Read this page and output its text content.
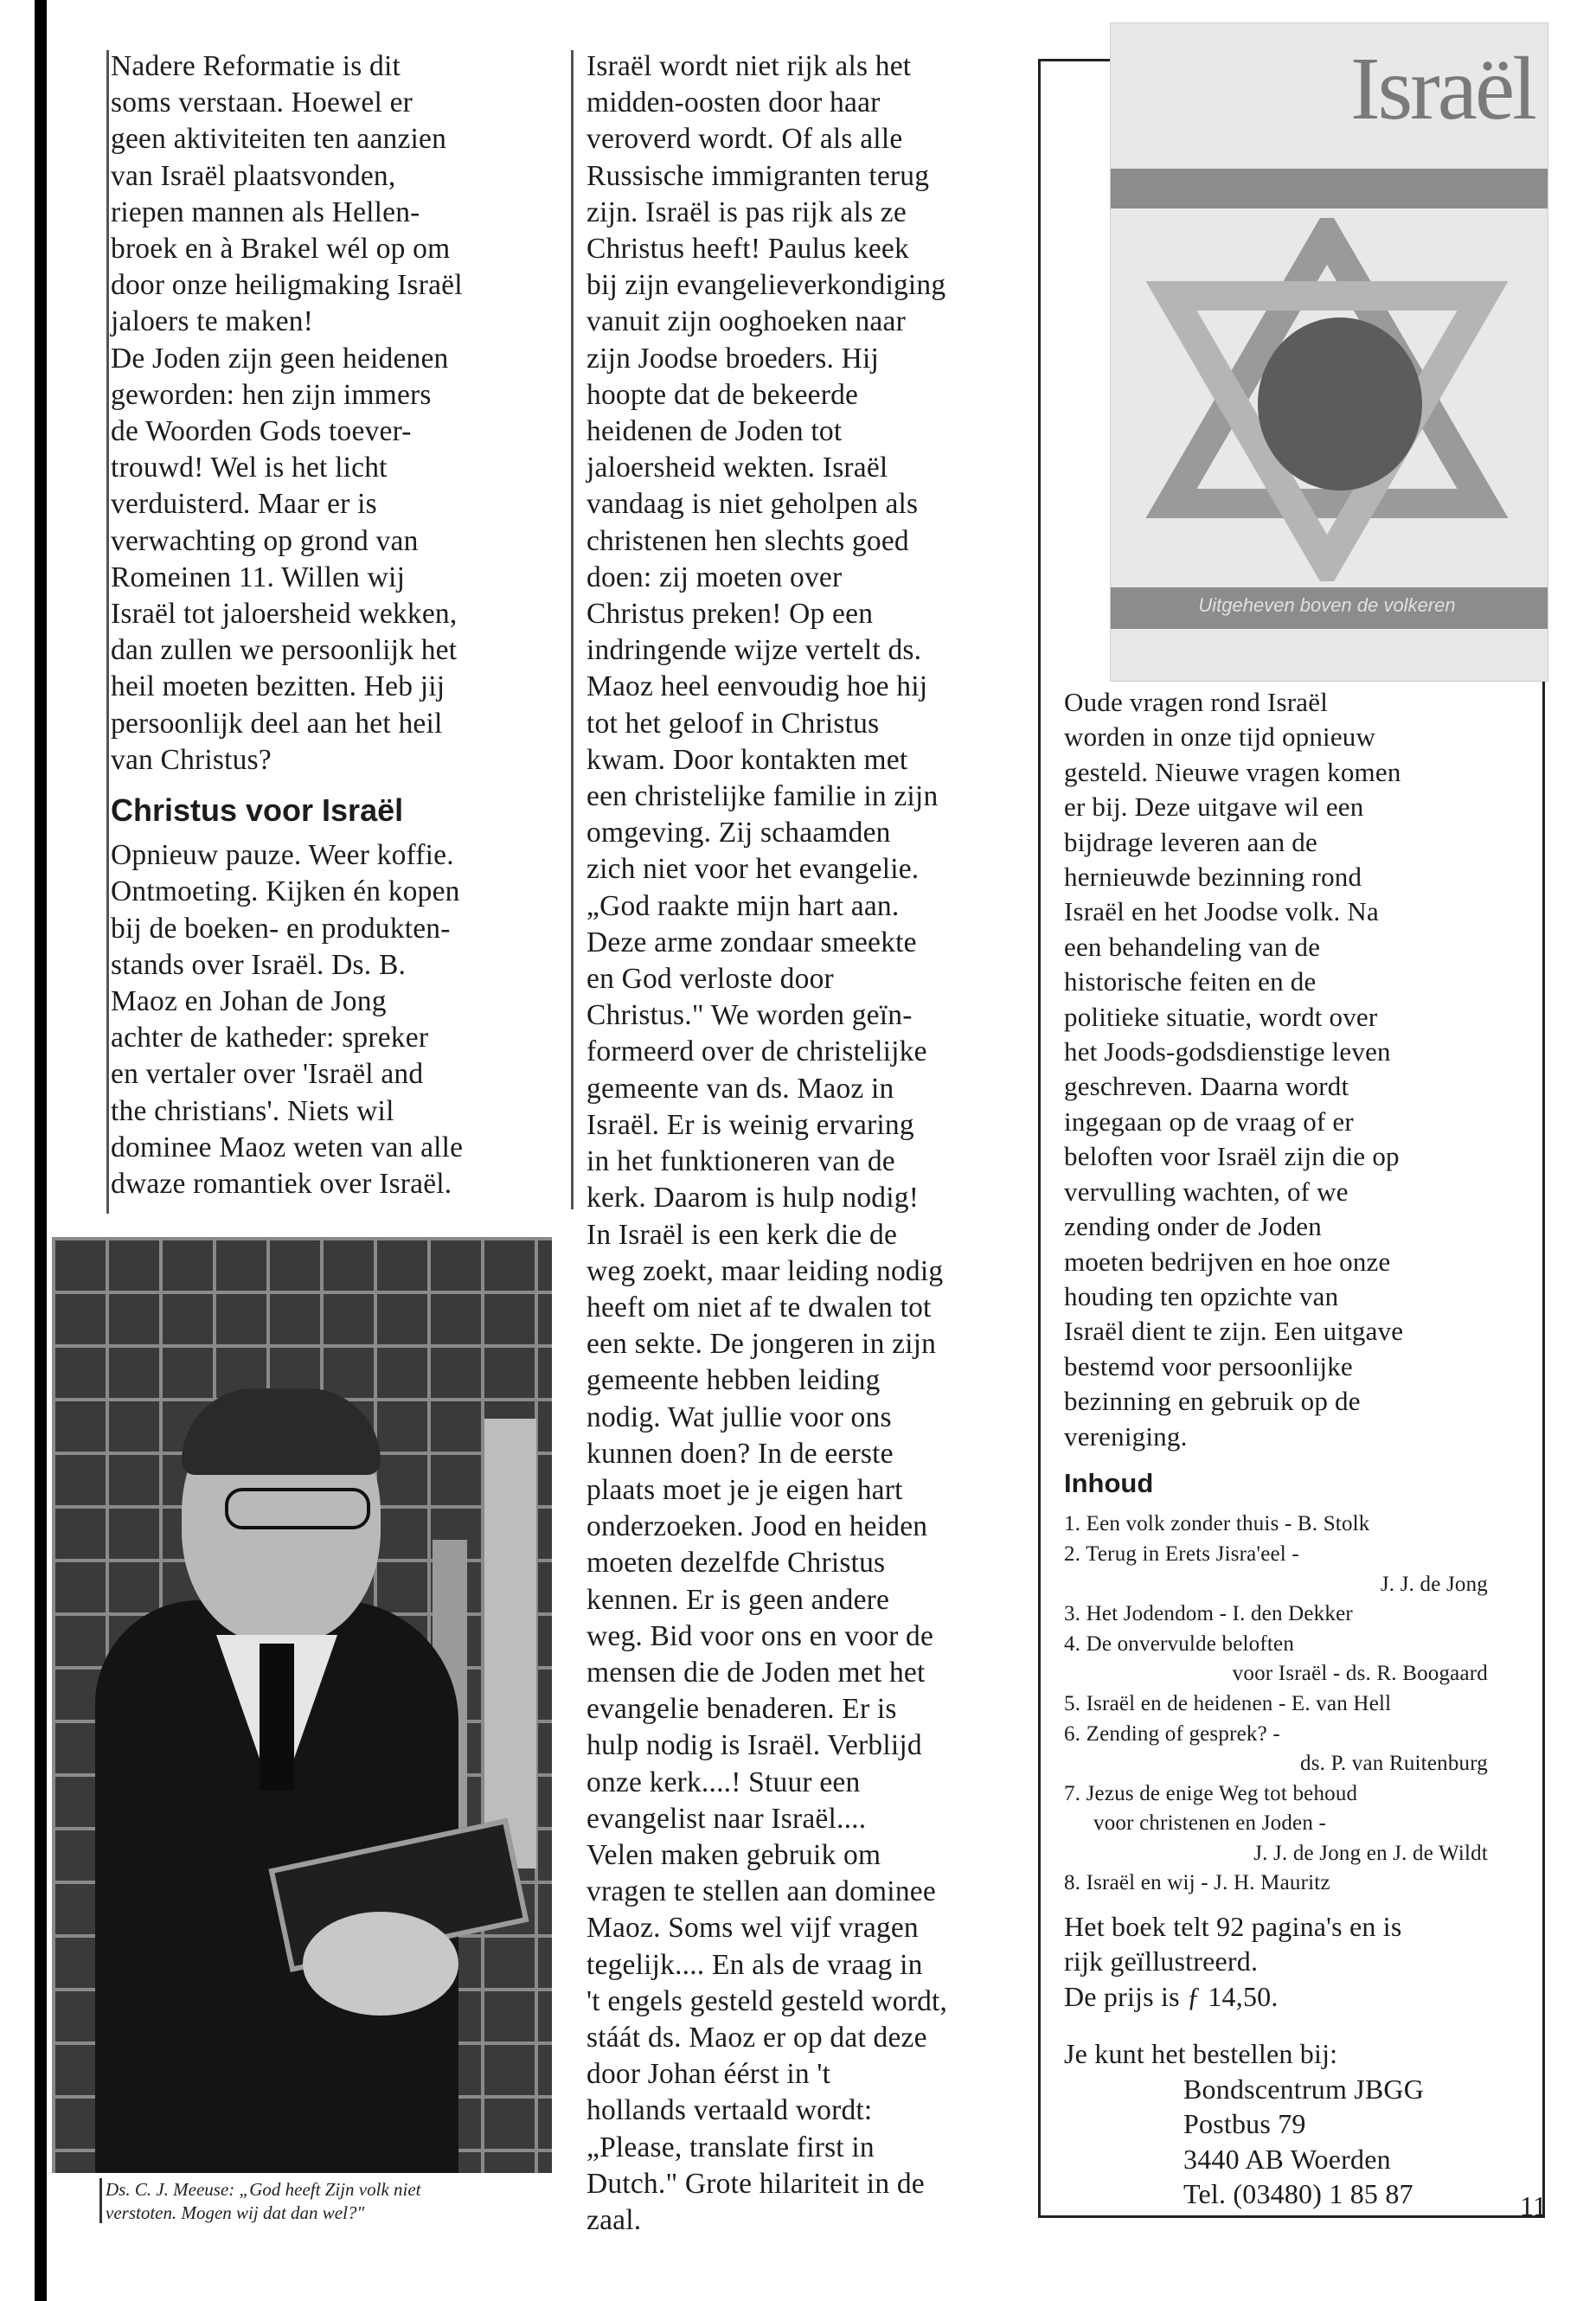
Nadere Reformatie is dit

soms verstaan. Hoewel er

geen aktiviteiten ten aanzien

van Israël plaatsvonden,

riepen mannen als Hellen-

broek en à Brakel wél op om

door onze heiligmaking Israël

jaloers te maken!

De Joden zijn geen heidenen

geworden: hen zijn immers

de Woorden Gods toever-

trouwd! Wel is het licht

verduisterd. Maar er is

verwachting op grond van

Romeinen 11. Willen wij

Israël tot jaloersheid wekken,

dan zullen we persoonlijk het

heil moeten bezitten. Heb jij

persoonlijk deel aan het heil

van Christus?

Christus voor Israël

Opnieuw pauze. Weer koffie.

Ontmoeting. Kijken én kopen

bij de boeken- en produkten-

stands over Israël. Ds. B.

Maoz en Johan de Jong

achter de katheder: spreker

en vertaler over 'Israël and

the christians'. Niets wil

dominee Maoz weten van alle

dwaze romantiek over Israël.

Ds. C. J. Meeuse: „God heeft Zijn volk niet

verstoten. Mogen wij dat dan wel?"

Israël wordt niet rijk als het

midden-oosten door haar

veroverd wordt. Of als alle

Russische immigranten terug

zijn. Israël is pas rijk als ze

Christus heeft! Paulus keek

bij zijn evangelieverkondiging

vanuit zijn ooghoeken naar

zijn Joodse broeders. Hij

hoopte dat de bekeerde

heidenen de Joden tot

jaloersheid wekten. Israël

vandaag is niet geholpen als

christenen hen slechts goed

doen: zij moeten over

Christus preken! Op een

indringende wijze vertelt ds.

Maoz heel eenvoudig hoe hij

tot het geloof in Christus

kwam. Door kontakten met

een christelijke familie in zijn

omgeving. Zij schaamden

zich niet voor het evangelie.

„God raakte mijn hart aan.

Deze arme zondaar smeekte

en God verloste door

Christus." We worden geïn-

formeerd over de christelijke

gemeente van ds. Maoz in

Israël. Er is weinig ervaring

in het funktioneren van de

kerk. Daarom is hulp nodig!

In Israël is een kerk die de

weg zoekt, maar leiding nodig

heeft om niet af te dwalen tot

een sekte. De jongeren in zijn

gemeente hebben leiding

nodig. Wat jullie voor ons

kunnen doen? In de eerste

plaats moet je je eigen hart

onderzoeken. Jood en heiden

moeten dezelfde Christus

kennen. Er is geen andere

weg. Bid voor ons en voor de

mensen die de Joden met het

evangelie benaderen. Er is

hulp nodig is Israël. Verblijd

onze kerk....! Stuur een

evangelist naar Israël....

Velen maken gebruik om

vragen te stellen aan dominee

Maoz. Soms wel vijf vragen

tegelijk.... En als de vraag in

't engels gesteld gesteld wordt,

stáát ds. Maoz er op dat deze

door Johan éérst in 't

hollands vertaald wordt:

„Please, translate first in

Dutch." Grote hilariteit in de

zaal.

Israël
Uitgeheven boven de volkeren

Oude vragen rond Israël

worden in onze tijd opnieuw

gesteld. Nieuwe vragen komen

er bij. Deze uitgave wil een

bijdrage leveren aan de

hernieuwde bezinning rond

Israël en het Joodse volk. Na

een behandeling van de

historische feiten en de

politieke situatie, wordt over

het Joods-godsdienstige leven

geschreven. Daarna wordt

ingegaan op de vraag of er

beloften voor Israël zijn die op

vervulling wachten, of we

zending onder de Joden

moeten bedrijven en hoe onze

houding ten opzichte van

Israël dient te zijn. Een uitgave

bestemd voor persoonlijke

bezinning en gebruik op de

vereniging.

Inhoud
1. Een volk zonder thuis - B. Stolk
2. Terug in Erets Jisra'eel -
J. J. de Jong
3. Het Jodendom - I. den Dekker
4. De onvervulde beloften
voor Israël - ds. R. Boogaard
5. Israël en de heidenen - E. van Hell
6. Zending of gesprek? -
ds. P. van Ruitenburg
7. Jezus de enige Weg tot behoud
voor christenen en Joden -
J. J. de Jong en J. de Wildt
8. Israël en wij - J. H. Mauritz

Het boek telt 92 pagina's en is

rijk geïllustreerd.

De prijs is ƒ 14,50.

Je kunt het bestellen bij:

Bondscentrum JBGG

Postbus 79

3440 AB Woerden

Tel. (03480) 1 85 87	11
